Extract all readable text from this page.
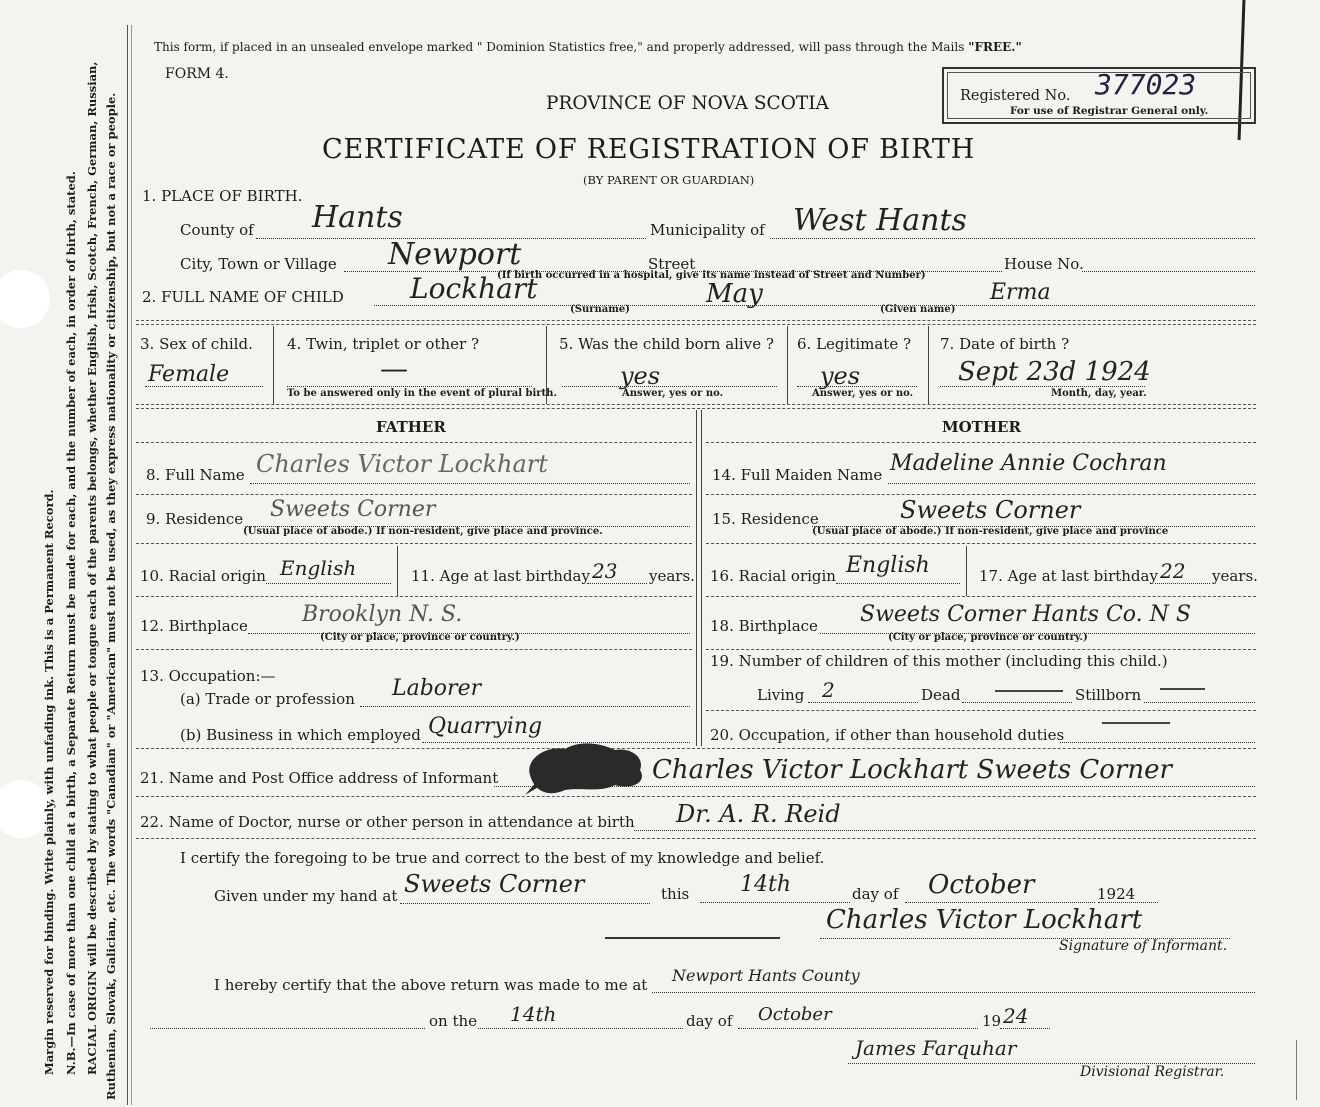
Margin reserved for binding. Write plainly, with unfading ink. This is a Permanent Record. N.B.—In case of more than one child at a birth, a Separate Return must be made for each, and the number of each, in order of birth, stated. RACIAL ORIGIN will be described by stating to what people or tongue each of the parents belongs, whether English, Irish, Scotch, French, German, Russian, Ruthenian, Slovak, Galician, etc. The words "Canadian" or "American" must not be used, as they express nationality or citizenship, but not a race or people.
This form, if placed in an unsealed envelope marked " Dominion Statistics free," and properly addressed, will pass through the Mails "FREE."
FORM 4.
PROVINCE OF NOVA SCOTIA
CERTIFICATE OF REGISTRATION OF BIRTH
(BY PARENT OR GUARDIAN)
Registered No. 377023
For use of Registrar General only.
1. PLACE OF BIRTH.
County of Hants	Municipality of West Hants
City, Town or Village Newport	Street	House No.
(If birth occurred in a hospital, give its name instead of Street and Number)
2. FULL NAME OF CHILD Lockhart	May	Erma
(Surname)	(Given name)
3. Sex of child.
Female
4. Twin, triplet or other ?
—
To be answered only in the event of plural birth.
5. Was the child born alive ?
yes
Answer, yes or no.
6. Legitimate ?
yes
Answer, yes or no.
7. Date of birth ?
Sept 23d 1924
Month, day, year.
FATHER	MOTHER
8. Full Name Charles Victor Lockhart
9. Residence Sweets Corner
(Usual place of abode.) If non-resident, give place and province.
10. Racial origin English	11. Age at last birthday 23 years.
12. Birthplace Brooklyn N. S.
(City or place, province or country.)
13. Occupation:—
(a) Trade or profession Laborer
(b) Business in which employed Quarrying
14. Full Maiden Name Madeline Annie Cochran
15. Residence	Sweets Corner
(Usual place of abode.) If non-resident, give place and province
16. Racial origin English	17. Age at last birthday 22 years.
18. Birthplace Sweets Corner Hants Co. N S
(City or place, province or country.)
19. Number of children of this mother (including this child.)
Living 2	Dead	Stillborn
20. Occupation, if other than household duties
21. Name and Post Office address of Informant	Charles Victor Lockhart Sweets Corner
22. Name of Doctor, nurse or other person in attendance at birth Dr. A. R. Reid
I certify the foregoing to be true and correct to the best of my knowledge and belief.
Given under my hand at Sweets Corner	this 14th	day of October	1924
Charles Victor Lockhart
Signature of Informant.
I hereby certify that the above return was made to me at Newport Hants County
on the 14th	day of October	19 24
James Farquhar
Divisional Registrar.
